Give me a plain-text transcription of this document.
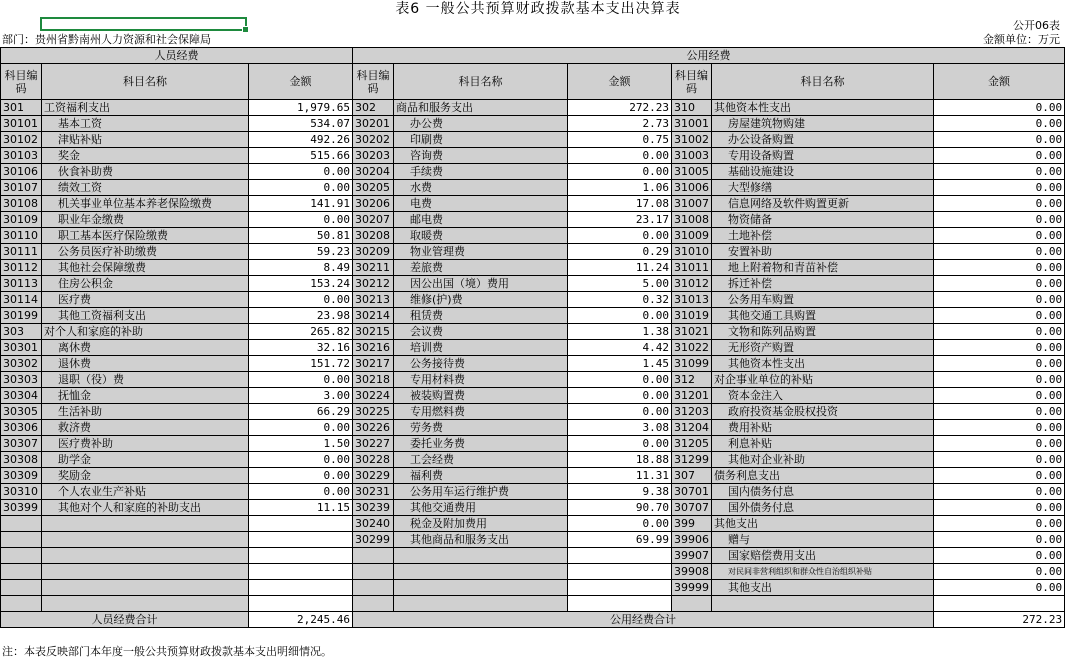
表6 一般公共预算财政拨款基本支出决算表
公开06表
部门：贵州省黔南州人力资源和社会保障局	金额单位：万元
人员经费			公用经费					
科目编码	科目名称	金额	科目编码	科目名称	金额	科目编码	科目名称	金额
301	工资福利支出	1,979.65	302	商品和服务支出	272.23	310	其他资本性支出	0.00
30101	基本工资	534.07	30201	办公费	2.73	31001	房屋建筑物购建	0.00
30102	津贴补贴	492.26	30202	印刷费	0.75	31002	办公设备购置	0.00
30103	奖金	515.66	30203	咨询费	0.00	31003	专用设备购置	0.00
30106	伙食补助费	0.00	30204	手续费	0.00	31005	基础设施建设	0.00
30107	绩效工资	0.00	30205	水费	1.06	31006	大型修缮	0.00
30108	机关事业单位基本养老保险缴费	141.91	30206	电费	17.08	31007	信息网络及软件购置更新	0.00
30109	职业年金缴费	0.00	30207	邮电费	23.17	31008	物资储备	0.00
30110	职工基本医疗保险缴费	50.81	30208	取暖费	0.00	31009	土地补偿	0.00
30111	公务员医疗补助缴费	59.23	30209	物业管理费	0.29	31010	安置补助	0.00
30112	其他社会保障缴费	8.49	30211	差旅费	11.24	31011	地上附着物和青苗补偿	0.00
30113	住房公积金	153.24	30212	因公出国（境）费用	5.00	31012	拆迁补偿	0.00
30114	医疗费	0.00	30213	维修(护)费	0.32	31013	公务用车购置	0.00
30199	其他工资福利支出	23.98	30214	租赁费	0.00	31019	其他交通工具购置	0.00
303	对个人和家庭的补助	265.82	30215	会议费	1.38	31021	文物和陈列品购置	0.00
30301	离休费	32.16	30216	培训费	4.42	31022	无形资产购置	0.00
30302	退休费	151.72	30217	公务接待费	1.45	31099	其他资本性支出	0.00
30303	退职（役）费	0.00	30218	专用材料费	0.00	312	对企事业单位的补贴	0.00
30304	抚恤金	3.00	30224	被装购置费	0.00	31201	资本金注入	0.00
30305	生活补助	66.29	30225	专用燃料费	0.00	31203	政府投资基金股权投资	0.00
30306	救济费	0.00	30226	劳务费	3.08	31204	费用补贴	0.00
30307	医疗费补助	1.50	30227	委托业务费	0.00	31205	利息补贴	0.00
30308	助学金	0.00	30228	工会经费	18.88	31299	其他对企业补助	0.00
30309	奖励金	0.00	30229	福利费	11.31	307	债务利息支出	0.00
30310	个人农业生产补贴	0.00	30231	公务用车运行维护费	9.38	30701	国内债务付息	0.00
30399	其他对个人和家庭的补助支出	11.15	30239	其他交通费用	90.70	30707	国外债务付息	0.00
			30240	税金及附加费用	0.00	399	其他支出	0.00
			30299	其他商品和服务支出	69.99	39906	赠与	0.00
						39907	国家赔偿费用支出	0.00
						39908	对民间非营利组织和群众性自治组织补贴	0.00
						39999	其他支出	0.00

人员经费合计		2,245.46	公用经费合计					272.23
注：本表反映部门本年度一般公共预算财政拨款基本支出明细情况。
